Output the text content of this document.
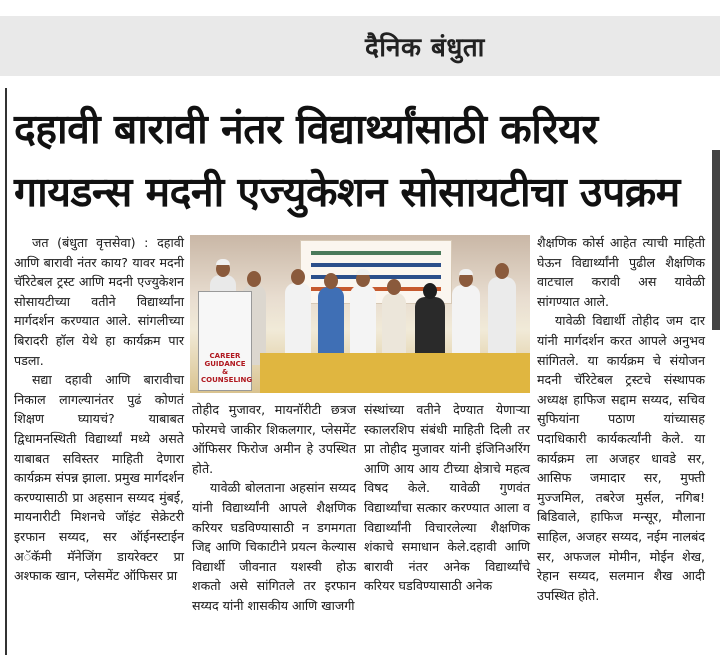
दैनिक बंधुता
दहावी बारावी नंतर विद्यार्थ्यांसाठी करियर
गायडन्स मदनी एज्युकेशन सोसायटीचा उपक्रम

जत (बंधुता वृत्तसेवा) : दहावी आणि बारावी नंतर काय? यावर मदनी चॅरिटेबल ट्रस्ट आणि मदनी एज्युकेशन सोसायटीच्या वतीने विद्यार्थ्यांना मार्गदर्शन करण्यात आले. सांगलीच्या बिरादरी हॉल येथे हा कार्यक्रम पार पडला.

सद्या दहावी आणि बारावीचा निकाल लागल्यानंतर पुढं कोणतं शिक्षण घ्यायचं? याबाबत द्विधामनस्थिती विद्यार्थ्यां मध्ये असते याबाबत सविस्तर माहिती देणारा कार्यक्रम संपन्न झाला. प्रमुख मार्गदर्शन करण्यासाठी प्रा अहसान सय्यद मुंबई, मायनारीटी मिशनचे जॉइंट सेक्रेटरी इरफान सय्यद, सर ऑईनस्टाईन अॅकॅमी मॅनेजिंग डायरेक्टर प्रा अश्फाक खान, प्लेसमेंट ऑफिसर प्रा

CAREER
GUIDANCE &
COUNSELING

तोहीद मुजावर, मायनॉरीटी छत्रज फोरमचे जाकीर शिकलगार, प्लेसमेंट ऑफिसर फिरोज अमीन हे उपस्थित होते.

यावेळी बोलताना अहसांन सय्यद यांनी विद्यार्थ्यांनी आपले शैक्षणिक करियर घडविण्यासाठी न डगमगता जिद्द आणि चिकाटीने प्रयत्न केल्यास विद्यार्थी जीवनात यशस्वी होऊ शकतो असे सांगितले तर इरफान सय्यद यांनी शासकीय आणि खाजगी

संस्थांच्या वतीने देण्यात येणाऱ्या स्कालरशिप संबंधी माहिती दिली तर प्रा तोहीद मुजावर यांनी इंजिनिअरिंग आणि आय आय टीच्या क्षेत्राचे महत्व विषद केले. यावेळी गुणवंत विद्यार्थ्यांचा सत्कार करण्यात आला व विद्यार्थ्यांनी विचारलेल्या शैक्षणिक शंकाचे समाधान केले.दहावी आणि बारावी नंतर अनेक विद्यार्थ्यांचे करियर घडविण्यासाठी अनेक

शैक्षणिक कोर्स आहेत त्याची माहिती घेऊन विद्यार्थ्यांनी पुढील शैक्षणिक वाटचाल करावी अस यावेळी सांगण्यात आले.

यावेळी विद्यार्थी तोहीद जम दार यांनी मार्गदर्शन करत आपले अनुभव सांगितले. या कार्यक्रम चे संयोजन मदनी चॅरिटेबल ट्रस्टचे संस्थापक अध्यक्ष हाफिज सद्दाम सय्यद, सचिव सुफियांना पठाण यांच्यासह पदाधिकारी कार्यकर्त्यांनी केले. या कार्यक्रम ला अजहर धावडे सर, आसिफ जमादार सर, मुफ्ती मुज्जमिल, तबरेज मुर्सल, नगिब! बिडिवाले, हाफिज मन्सूर, मौलाना साहिल, अजहर सय्यद, नईम नालबंद सर, अफजल मोमीन, मोईन शेख, रेहान सय्यद, सलमान शैख आदी उपस्थित होते.
